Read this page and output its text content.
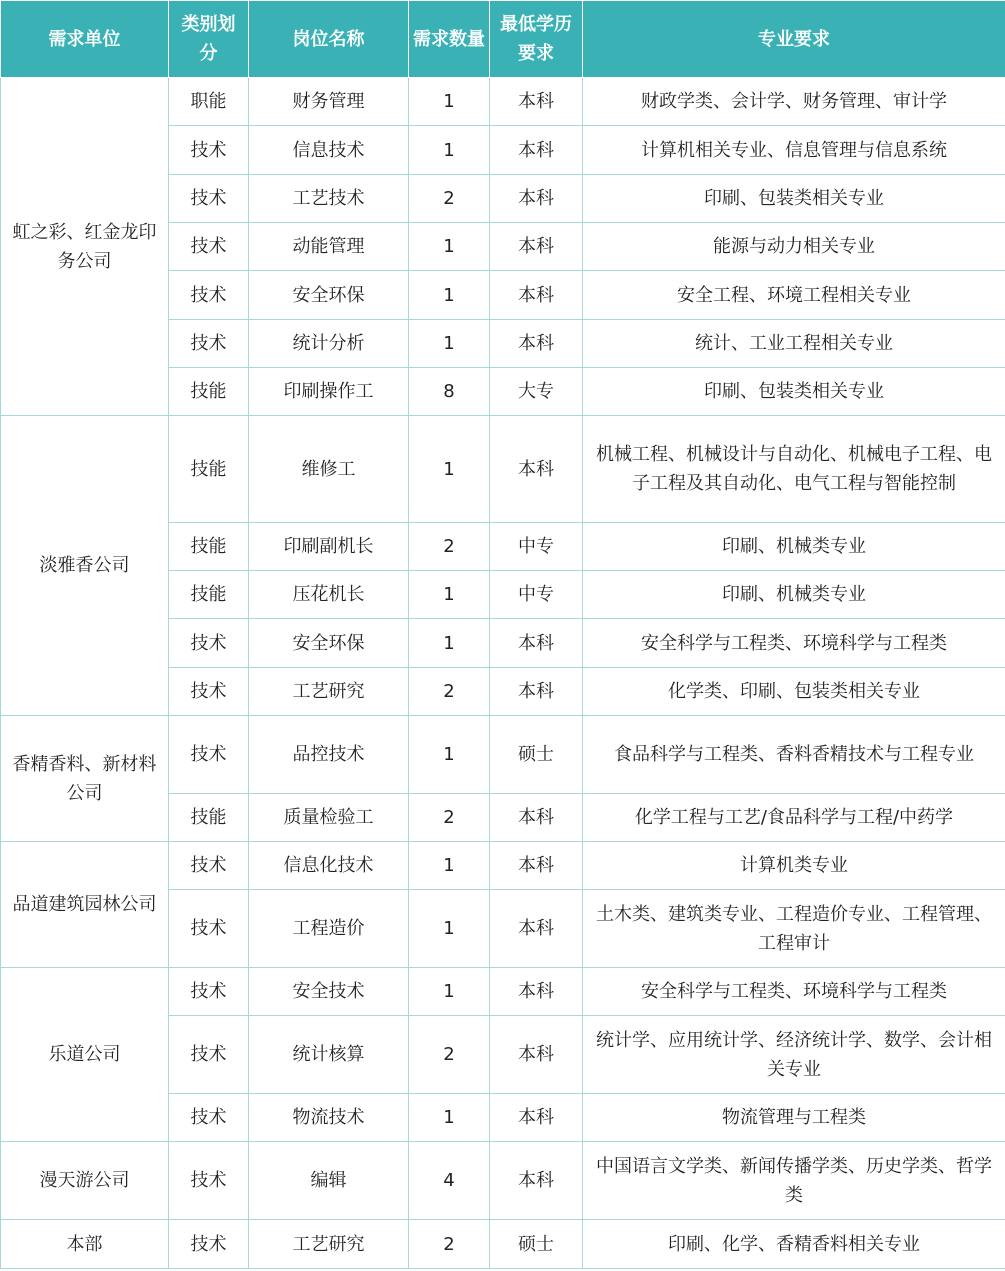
需求单位	类别划分	岗位名称	需求数量	最低学历要求	专业要求
虹之彩、红金龙印务公司	职能	财务管理	1	本科	财政学类、会计学、财务管理、审计学
	技术	信息技术	1	本科	计算机相关专业、信息管理与信息系统
	技术	工艺技术	2	本科	印刷、包装类相关专业
	技术	动能管理	1	本科	能源与动力相关专业
	技术	安全环保	1	本科	安全工程、环境工程相关专业
	技术	统计分析	1	本科	统计、工业工程相关专业
	技能	印刷操作工	8	大专	印刷、包装类相关专业
淡雅香公司	技能	维修工	1	本科	机械工程、机械设计与自动化、机械电子工程、电子工程及其自动化、电气工程与智能控制
	技能	印刷副机长	2	中专	印刷、机械类专业
	技能	压花机长	1	中专	印刷、机械类专业
	技术	安全环保	1	本科	安全科学与工程类、环境科学与工程类
	技术	工艺研究	2	本科	化学类、印刷、包装类相关专业
香精香料、新材料公司	技术	品控技术	1	硕士	食品科学与工程类、香料香精技术与工程专业
	技能	质量检验工	2	本科	化学工程与工艺/食品科学与工程/中药学
品道建筑园林公司	技术	信息化技术	1	本科	计算机类专业
	技术	工程造价	1	本科	土木类、建筑类专业、工程造价专业、工程管理、工程审计
乐道公司	技术	安全技术	1	本科	安全科学与工程类、环境科学与工程类
	技术	统计核算	2	本科	统计学、应用统计学、经济统计学、数学、会计相关专业
	技术	物流技术	1	本科	物流管理与工程类
漫天游公司	技术	编辑	4	本科	中国语言文学类、新闻传播学类、历史学类、哲学类
本部	技术	工艺研究	2	硕士	印刷、化学、香精香料相关专业
